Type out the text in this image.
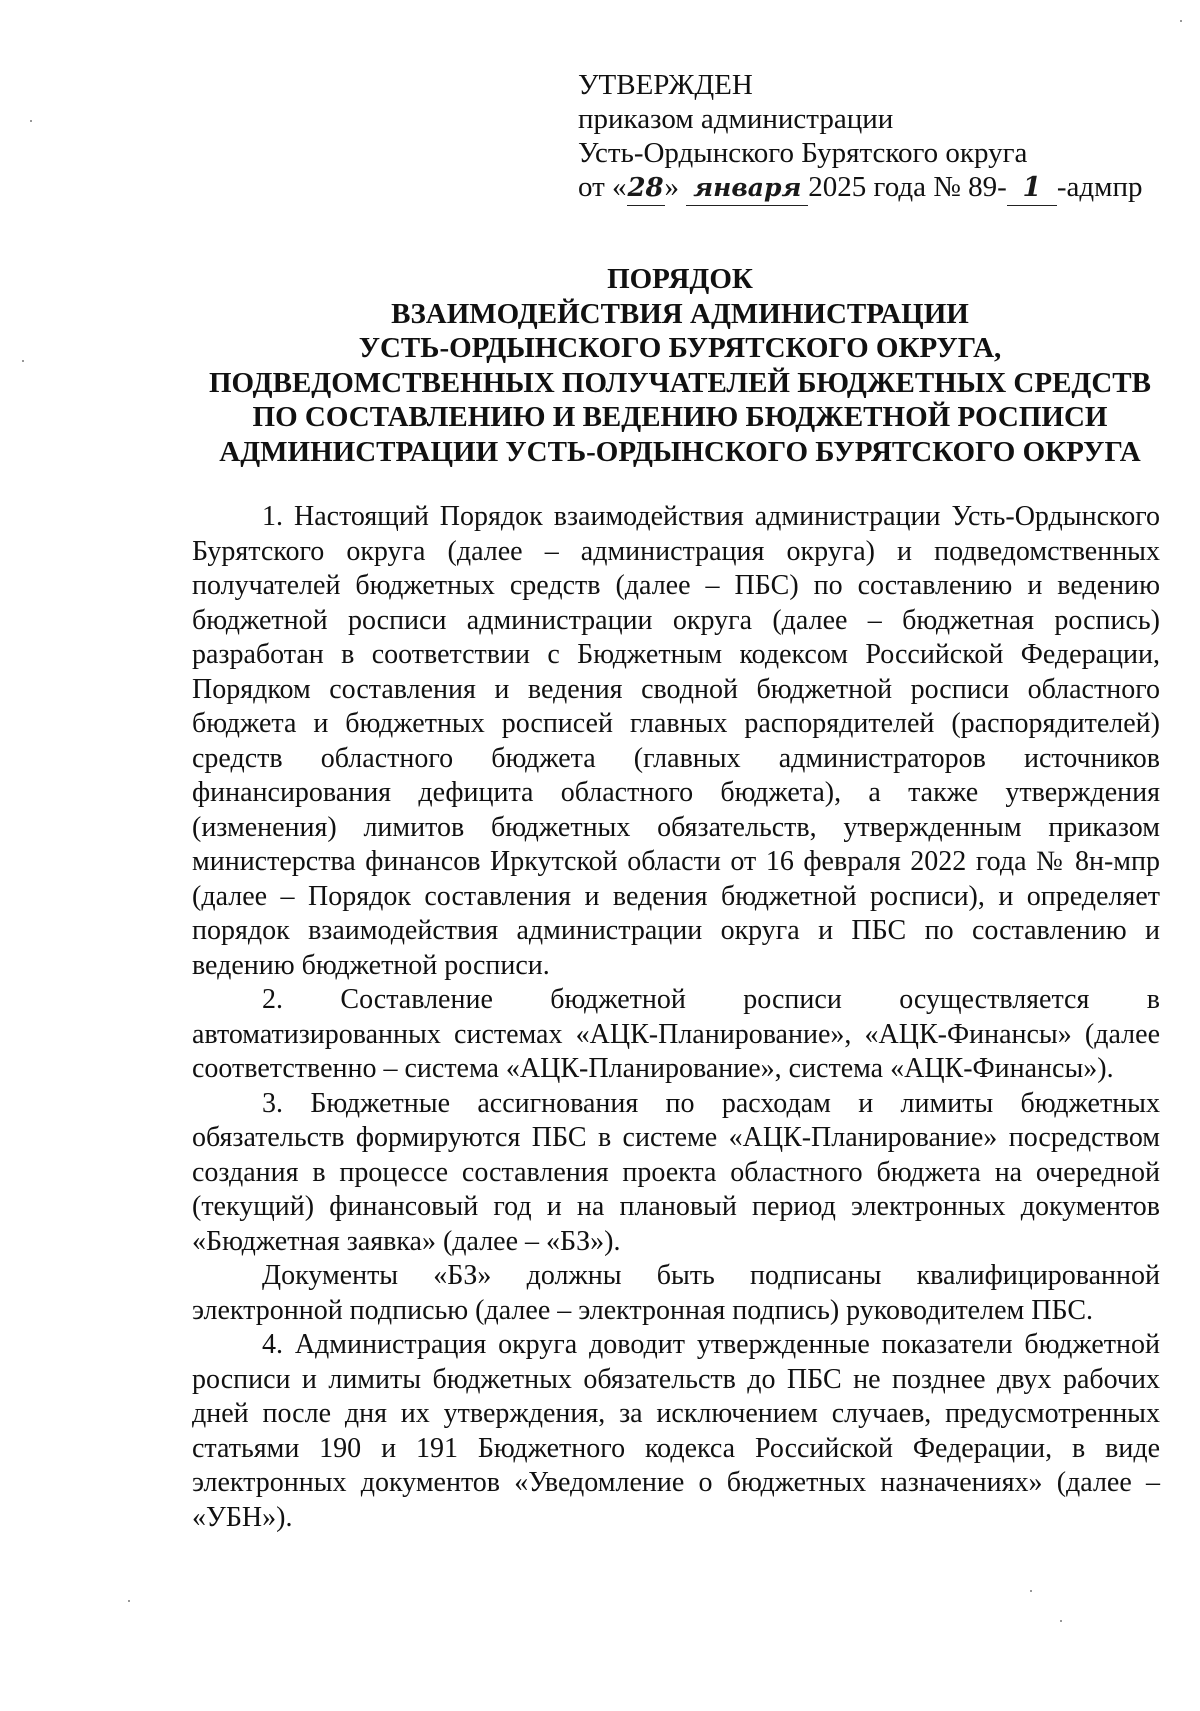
УТВЕРЖДЕН
приказом администрации
Усть-Ордынского Бурятского округа
от «28» января 2025 года № 89- 1 -адмпр
ПОРЯДОК
ВЗАИМОДЕЙСТВИЯ АДМИНИСТРАЦИИ
УСТЬ-ОРДЫНСКОГО БУРЯТСКОГО ОКРУГА,
ПОДВЕДОМСТВЕННЫХ ПОЛУЧАТЕЛЕЙ БЮДЖЕТНЫХ СРЕДСТВ
ПО СОСТАВЛЕНИЮ И ВЕДЕНИЮ БЮДЖЕТНОЙ РОСПИСИ
АДМИНИСТРАЦИИ УСТЬ-ОРДЫНСКОГО БУРЯТСКОГО ОКРУГА

1. Настоящий Порядок взаимодействия администрации Усть-Ордынского Бурятского округа (далее – администрация округа) и подведомственных получателей бюджетных средств (далее – ПБС) по составлению и ведению бюджетной росписи администрации округа (далее – бюджетная роспись) разработан в соответствии с Бюджетным кодексом Российской Федерации, Порядком составления и ведения сводной бюджетной росписи областного бюджета и бюджетных росписей главных распорядителей (распорядителей) средств областного бюджета (главных администраторов источников финансирования дефицита областного бюджета), а также утверждения (изменения) лимитов бюджетных обязательств, утвержденным приказом министерства финансов Иркутской области от 16 февраля 2022 года № 8н-мпр (далее – Порядок составления и ведения бюджетной росписи), и определяет порядок взаимодействия администрации округа и ПБС по составлению и ведению бюджетной росписи.

2. Составление бюджетной росписи осуществляется в автоматизированных системах «АЦК-Планирование», «АЦК-Финансы» (далее соответственно – система «АЦК-Планирование», система «АЦК-Финансы»).

3. Бюджетные ассигнования по расходам и лимиты бюджетных обязательств формируются ПБС в системе «АЦК-Планирование» посредством создания в процессе составления проекта областного бюджета на очередной (текущий) финансовый год и на плановый период электронных документов «Бюджетная заявка» (далее – «БЗ»).

Документы «БЗ» должны быть подписаны квалифицированной электронной подписью (далее – электронная подпись) руководителем ПБС.

4. Администрация округа доводит утвержденные показатели бюджетной росписи и лимиты бюджетных обязательств до ПБС не позднее двух рабочих дней после дня их утверждения, за исключением случаев, предусмотренных статьями 190 и 191 Бюджетного кодекса Российской Федерации, в виде электронных документов «Уведомление о бюджетных назначениях» (далее – «УБН»).
